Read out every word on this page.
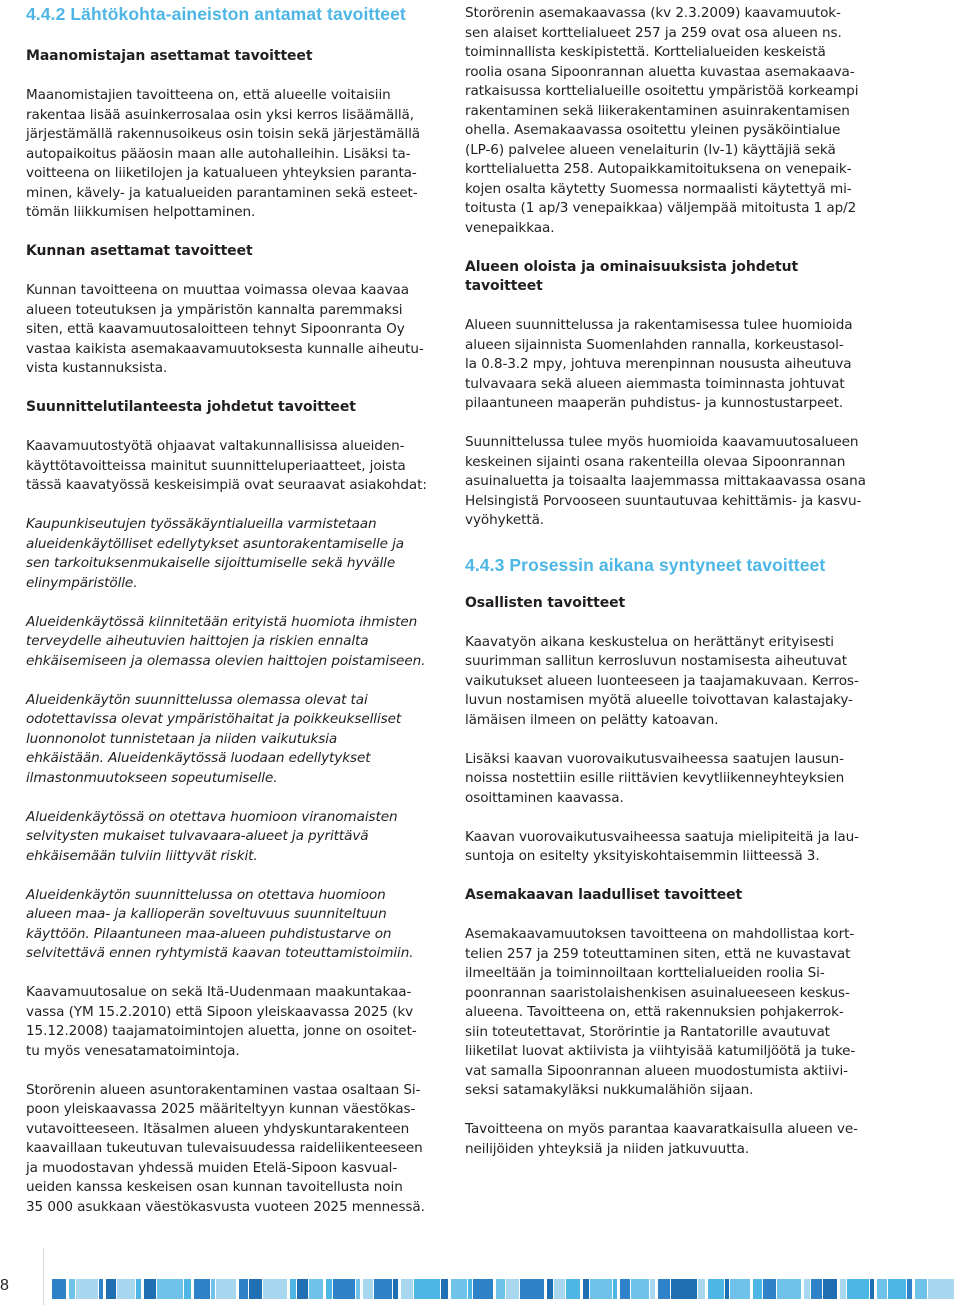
4.4.2 Lähtökohta-aineiston antamat tavoitteet
Maanomistajan asettamat tavoitteet

Maanomistajien tavoitteena on, että alueelle voitaisiin

rakentaa lisää asuinkerrosalaa osin yksi kerros lisäämällä,

järjestämällä rakennusoikeus osin toisin sekä järjestämällä

autopaikoitus pääosin maan alle autohalleihin. Lisäksi ta-

voitteena on liiketilojen ja katualueen yhteyksien paranta-

minen, kävely- ja katualueiden parantaminen sekä esteet-

tömän liikkumisen helpottaminen.

Kunnan asettamat tavoitteet

Kunnan tavoitteena on muuttaa voimassa olevaa kaavaa

alueen toteutuksen ja ympäristön kannalta paremmaksi

siten, että kaavamuutosaloitteen tehnyt Sipoonranta Oy

vastaa kaikista asemakaavamuutoksesta kunnalle aiheutu-

vista kustannuksista.

Suunnittelutilanteesta johdetut tavoitteet

Kaavamuutostyötä ohjaavat valtakunnallisissa alueiden-

käyttötavoitteissa mainitut suunnitteluperiaatteet, joista

tässä kaavatyössä keskeisimpiä ovat seuraavat asiakohdat:

Kaupunkiseutujen työssäkäyntialueilla varmistetaan

alueidenkäytölliset edellytykset asuntorakentamiselle ja

sen tarkoituksenmukaiselle sijoittumiselle sekä hyvälle

elinympäristölle.

Alueidenkäytössä kiinnitetään erityistä huomiota ihmisten

terveydelle aiheutuvien haittojen ja riskien ennalta

ehkäisemiseen ja olemassa olevien haittojen poistamiseen.

Alueidenkäytön suunnittelussa olemassa olevat tai

odotettavissa olevat ympäristöhaitat ja poikkeukselliset

luonnonolot tunnistetaan ja niiden vaikutuksia

ehkäistään. Alueidenkäytössä luodaan edellytykset

ilmastonmuutokseen sopeutumiselle.

Alueidenkäytössä on otettava huomioon viranomaisten

selvitysten mukaiset tulvavaara-alueet ja pyrittävä

ehkäisemään tulviin liittyvät riskit.

Alueidenkäytön suunnittelussa on otettava huomioon

alueen maa- ja kallioperän soveltuvuus suunniteltuun

käyttöön. Pilaantuneen maa-alueen puhdistustarve on

selvitettävä ennen ryhtymistä kaavan toteuttamistoimiin.

Kaavamuutosalue on sekä Itä-Uudenmaan maakuntakaa-

vassa (YM 15.2.2010) että Sipoon yleiskaavassa 2025 (kv

15.12.2008) taajamatoimintojen aluetta, jonne on osoitet-

tu myös venesatamatoimintoja.

Storörenin alueen asuntorakentaminen vastaa osaltaan Si-

poon yleiskaavassa 2025 määriteltyyn kunnan väestökas-

vutavoitteeseen. Itäsalmen alueen yhdyskuntarakenteen

kaavaillaan tukeutuvan tulevaisuudessa raideliikenteeseen

ja muodostavan yhdessä muiden Etelä-Sipoon kasvual-

ueiden kanssa keskeisen osan kunnan tavoitellusta noin

35 000 asukkaan väestökasvusta vuoteen 2025 mennessä.

Storörenin asemakaavassa (kv 2.3.2009) kaavamuutok-

sen alaiset korttelialueet 257 ja 259 ovat osa alueen ns.

toiminnallista keskipistettä. Korttelialueiden keskeistä

roolia osana Sipoonrannan aluetta kuvastaa asemakaava-

ratkaisussa korttelialueille osoitettu ympäristöä korkeampi

rakentaminen sekä liikerakentaminen asuinrakentamisen

ohella. Asemakaavassa osoitettu yleinen pysäköintialue

(LP-6) palvelee alueen venelaiturin (lv-1) käyttäjiä sekä

korttelialuetta 258. Autopaikkamitoituksena on venepaik-

kojen osalta käytetty Suomessa normaalisti käytettyä mi-

toitusta (1 ap/3 venepaikkaa) väljempää mitoitusta 1 ap/2

venepaikkaa.

Alueen oloista ja ominaisuuksista johdetut tavoitteet

Alueen suunnittelussa ja rakentamisessa tulee huomioida

alueen sijainnista Suomenlahden rannalla, korkeustasol-

la 0.8-3.2 mpy, johtuva merenpinnan noususta aiheutuva

tulvavaara sekä alueen aiemmasta toiminnasta johtuvat

pilaantuneen maaperän puhdistus- ja kunnostustarpeet.

Suunnittelussa tulee myös huomioida kaavamuutosalueen

keskeinen sijainti osana rakenteilla olevaa Sipoonrannan

asuinaluetta ja toisaalta laajemmassa mittakaavassa osana

Helsingistä Porvooseen suuntautuvaa kehittämis- ja kasvu-

vyöhykettä.

4.4.3 Prosessin aikana syntyneet tavoitteet
Osallisten tavoitteet

Kaavatyön aikana keskustelua on herättänyt erityisesti

suurimman sallitun kerrosluvun nostamisesta aiheutuvat

vaikutukset alueen luonteeseen ja taajamakuvaan. Kerros-

luvun nostamisen myötä alueelle toivottavan kalastajaky-

lämäisen ilmeen on pelätty katoavan.

Lisäksi kaavan vuorovaikutusvaiheessa saatujen lausun-

noissa nostettiin esille riittävien kevytliikenneyhteyksien

osoittaminen kaavassa.

Kaavan vuorovaikutusvaiheessa saatuja mielipiteitä ja lau-

suntoja on esitelty yksityiskohtaisemmin liitteessä 3.

Asemakaavan laadulliset tavoitteet

Asemakaavamuutoksen tavoitteena on mahdollistaa kort-

telien 257 ja 259 toteuttaminen siten, että ne kuvastavat

ilmeeltään ja toiminnoiltaan korttelialueiden roolia Si-

poonrannan saaristolaishenkisen asuinalueeseen keskus-

alueena. Tavoitteena on, että rakennuksien pohjakerrok-

siin toteutettavat, Storörintie ja Rantatorille avautuvat

liiketilat luovat aktiivista ja viihtyisää katumiljöötä ja tuke-

vat samalla Sipoonrannan alueen muodostumista aktiivi-

seksi satamakyläksi nukkumalähiön sijaan.

Tavoitteena on myös parantaa kaavaratkaisulla alueen ve-

neilijöiden yhteyksiä ja niiden jatkuvuutta.

8
